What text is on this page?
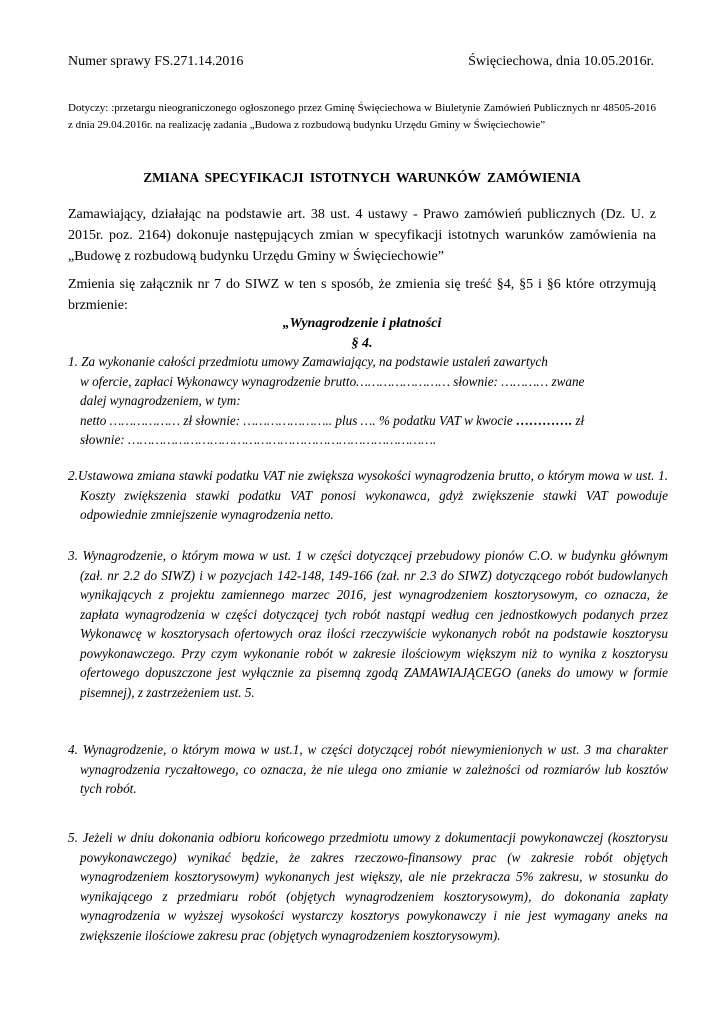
Numer sprawy FS.271.14.2016	Święciechowa, dnia 10.05.2016r.
Dotyczy: :przetargu nieograniczonego ogłoszonego przez Gminę Święciechowa w Biuletynie Zamówień Publicznych nr 48505-2016 z dnia 29.04.2016r. na realizację zadania „Budowa z rozbudową budynku Urzędu Gminy w Święciechowie”
ZMIANA SPECYFIKACJI ISTOTNYCH WARUNKÓW ZAMÓWIENIA
Zamawiający, działając na podstawie art. 38 ust. 4 ustawy - Prawo zamówień publicznych (Dz. U. z 2015r. poz. 2164) dokonuje następujących zmian w specyfikacji istotnych warunków zamówienia na „Budowę z rozbudową budynku Urzędu Gminy w Święciechowie”
Zmienia się załącznik nr 7 do SIWZ w ten s sposób, że zmienia się treść §4, §5 i §6 które otrzymują brzmienie:
„Wynagrodzenie i płatności
§ 4.
1. Za wykonanie całości przedmiotu umowy Zamawiający, na podstawie ustaleń zawartych
w ofercie, zapłaci Wykonawcy wynagrodzenie brutto…………………… słownie: ………… zwane
dalej wynagrodzeniem, w tym:
netto ……………… zł słownie: ………………….. plus …. % podatku VAT w kwocie …………. zł
słownie: …………………………………………………………………….
2.Ustawowa zmiana stawki podatku VAT nie zwiększa wysokości wynagrodzenia brutto, o którym mowa w ust. 1. Koszty zwiększenia stawki podatku VAT ponosi wykonawca, gdyż zwiększenie stawki VAT powoduje odpowiednie zmniejszenie wynagrodzenia netto.
3. Wynagrodzenie, o którym mowa w ust. 1 w części dotyczącej przebudowy pionów C.O. w budynku głównym (zał. nr 2.2 do SIWZ) i w pozycjach 142-148, 149-166 (zał. nr 2.3 do SIWZ) dotyczącego robót budowlanych wynikających z projektu zamiennego marzec 2016, jest wynagrodzeniem kosztorysowym, co oznacza, że zapłata wynagrodzenia w części dotyczącej tych robót nastąpi według cen jednostkowych podanych przez Wykonawcę w kosztorysach ofertowych oraz ilości rzeczywiście wykonanych robót na podstawie kosztorysu powykonawczego. Przy czym wykonanie robót w zakresie ilościowym większym niż to wynika z kosztorysu ofertowego dopuszczone jest wyłącznie za pisemną zgodą ZAMAWIAJĄCEGO (aneks do umowy w formie pisemnej), z zastrzeżeniem ust. 5.
4. Wynagrodzenie, o którym mowa w ust.1, w części dotyczącej robót niewymienionych w ust. 3 ma charakter wynagrodzenia ryczałtowego, co oznacza, że nie ulega ono zmianie w zależności od rozmiarów lub kosztów tych robót.
5. Jeżeli w dniu dokonania odbioru końcowego przedmiotu umowy z dokumentacji powykonawczej (kosztorysu powykonawczego) wynikać będzie, że zakres rzeczowo-finansowy prac (w zakresie robót objętych wynagrodzeniem kosztorysowym) wykonanych jest większy, ale nie przekracza 5% zakresu, w stosunku do wynikającego z przedmiaru robót (objętych wynagrodzeniem kosztorysowym), do dokonania zapłaty wynagrodzenia w wyższej wysokości wystarczy kosztorys powykonawczy i nie jest wymagany aneks na zwiększenie ilościowe zakresu prac (objętych wynagrodzeniem kosztorysowym).
